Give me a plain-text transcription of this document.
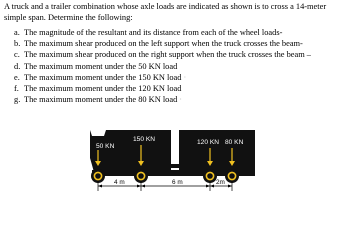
A truck and a trailer combination whose axle loads are indicated as shown is to cross a 14-meter simple span. Determine the following:

a. The magnitude of the resultant and its distance from each of the wheel loads-
b. The maximum shear produced on the left support when the truck crosses the beam-
c. The maximum shear produced on the right support when the truck crosses the beam –
d. The maximum moment under the 50 KN load
e. The maximum moment under the 150 KN load ·
f. The maximum moment under the 120 KN load
g. The maximum moment under the 80 KN load ·
50 KN
150 KN	120 KN 80 KN
4 m	6 m	2m
